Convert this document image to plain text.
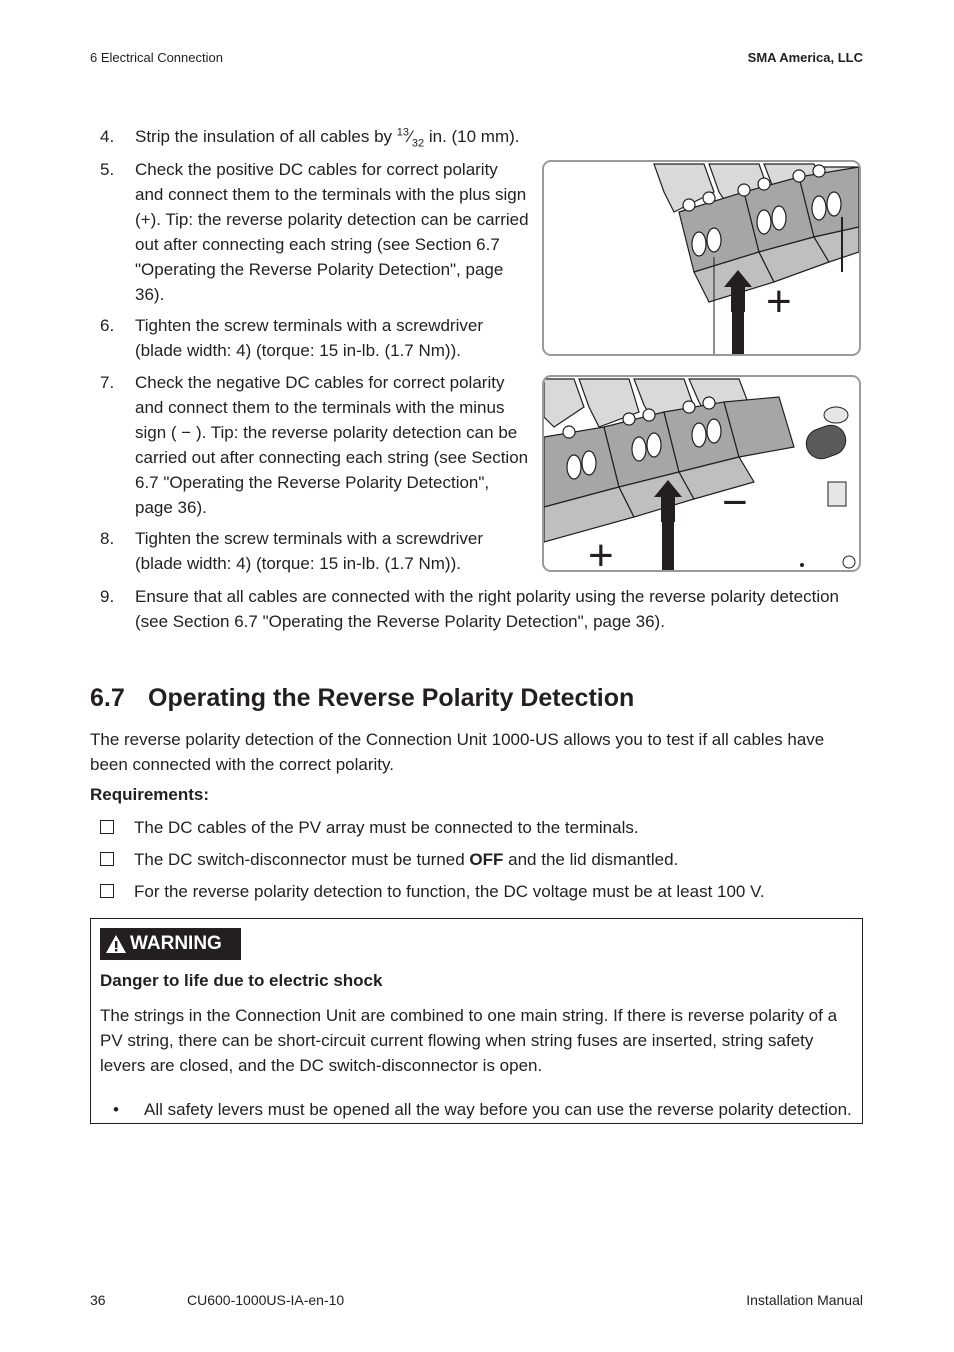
6 Electrical Connection	SMA America, LLC
4. Strip the insulation of all cables by $^{13}⁄_{32}$ in. (10 mm).
5. Check the positive DC cables for correct polarity and connect them to the terminals with the plus sign (+). Tip: the reverse polarity detection can be carried out after connecting each string (see Section 6.7 "Operating the Reverse Polarity Detection", page 36).
6. Tighten the screw terminals with a screwdriver (blade width: 4) (torque: 15 in-lb. (1.7 Nm)).
7. Check the negative DC cables for correct polarity and connect them to the terminals with the minus sign ( − ). Tip: the reverse polarity detection can be carried out after connecting each string (see Section 6.7 "Operating the Reverse Polarity Detection", page 36).
8. Tighten the screw terminals with a screwdriver (blade width: 4) (torque: 15 in-lb. (1.7 Nm)).
9. Ensure that all cables are connected with the right polarity using the reverse polarity detection (see Section 6.7 "Operating the Reverse Polarity Detection", page 36).
+
−
+
6.7 Operating the Reverse Polarity Detection
The reverse polarity detection of the Connection Unit 1000-US allows you to test if all cables have been connected with the correct polarity.
Requirements:
The DC cables of the PV array must be connected to the terminals.
The DC switch-disconnector must be turned OFF and the lid dismantled.
For the reverse polarity detection to function, the DC voltage must be at least 100 V.
WARNING
Danger to life due to electric shock
The strings in the Connection Unit are combined to one main string. If there is reverse polarity of a PV string, there can be short-circuit current flowing when string fuses are inserted, string safety levers are closed, and the DC switch-disconnector is open.
• All safety levers must be opened all the way before you can use the reverse polarity detection.
36	CU600-1000US-IA-en-10	Installation Manual
